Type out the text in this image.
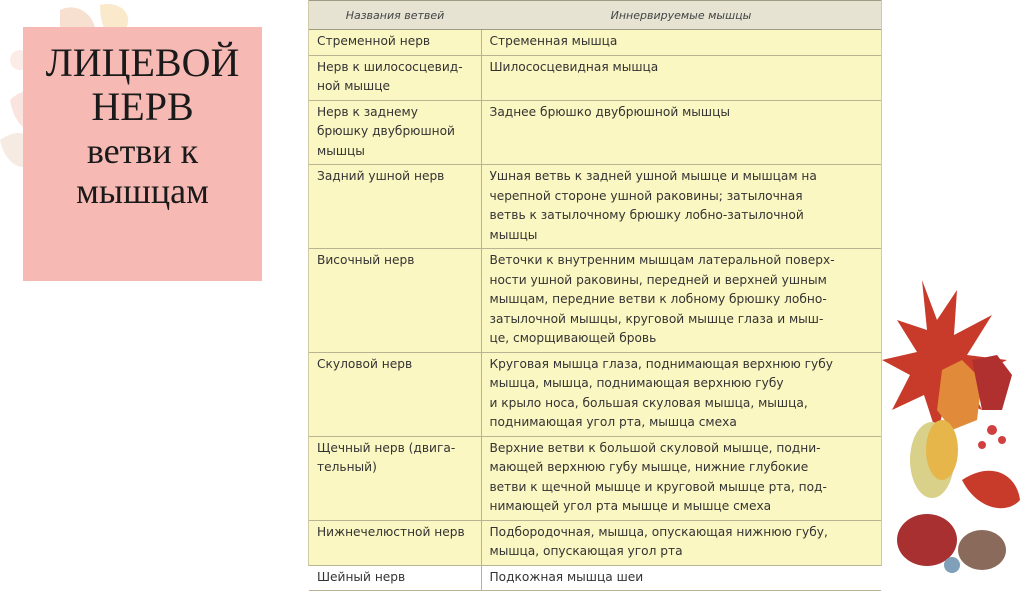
ЛИЦЕВОЙ
НЕРВ
ветви к
мышцам
Названия ветвей	Иннервируемые мышцы
Стременной нерв	Стременная мышца
Нерв к шилососцевид-
ной мышце	Шилососцевидная мышца
Нерв к заднему
брюшку двубрюшной
мышцы	Заднее брюшко двубрюшной мышцы
Задний ушной нерв	Ушная ветвь к задней ушной мышце и мышцам на
черепной стороне ушной раковины; затылочная
ветвь к затылочному брюшку лобно-затылочной
мышцы
Височный нерв	Веточки к внутренним мышцам латеральной поверх-
ности ушной раковины, передней и верхней ушным
мышцам, передние ветви к лобному брюшку лобно-
затылочной мышцы, круговой мышце глаза и мыш-
це, сморщивающей бровь
Скуловой нерв	Круговая мышца глаза, поднимающая верхнюю губу
мышца, мышца, поднимающая верхнюю губу
и крыло носа, большая скуловая мышца, мышца,
поднимающая угол рта, мышца смеха
Щечный нерв (двига-
тельный)	Верхние ветви к большой скуловой мышце, подни-
мающей верхнюю губу мышце, нижние глубокие
ветви к щечной мышце и круговой мышце рта, под-
нимающей угол рта мышце и мышце смеха
Нижнечелюстной нерв	Подбородочная, мышца, опускающая нижнюю губу,
мышца, опускающая угол рта
Шейный нерв	Подкожная мышца шеи
